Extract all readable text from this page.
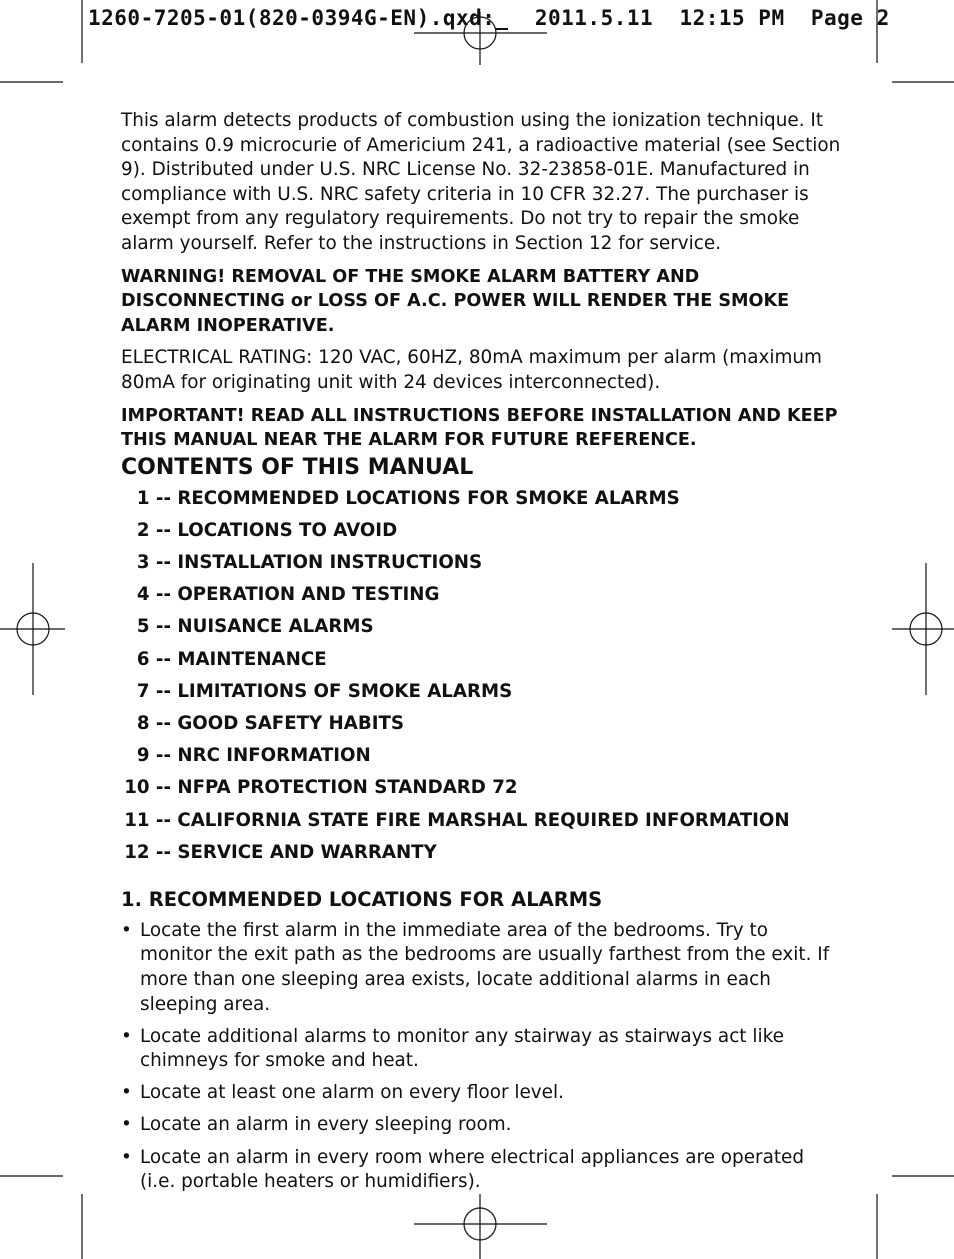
1260-7205-01(820-0394G-EN).qxd:_  2011.5.11  12:15 PM  Page 2

This alarm detects products of combustion using the ionization technique. It contains 0.9 microcurie of Americium 241, a radioactive material (see Section 9). Distributed under U.S. NRC License No. 32-23858-01E. Manufactured in compliance with U.S. NRC safety criteria in 10 CFR 32.27. The purchaser is exempt from any regulatory requirements. Do not try to repair the smoke alarm yourself. Refer to the instructions in Section 12 for service.

WARNING! REMOVAL OF THE SMOKE ALARM BATTERY AND DISCONNECTING or LOSS OF A.C. POWER WILL RENDER THE SMOKE ALARM INOPERATIVE.

ELECTRICAL RATING: 120 VAC, 60HZ, 80mA maximum per alarm (maximum 80mA for originating unit with 24 devices interconnected).

IMPORTANT! READ ALL INSTRUCTIONS BEFORE INSTALLATION AND KEEP THIS MANUAL NEAR THE ALARM FOR FUTURE REFERENCE.

CONTENTS OF THIS MANUAL
1 --
RECOMMENDED LOCATIONS FOR SMOKE ALARMS
2 --
LOCATIONS TO AVOID
3 --
INSTALLATION INSTRUCTIONS
4 --
OPERATION AND TESTING
5 --
NUISANCE ALARMS
6 --
MAINTENANCE
7 --
LIMITATIONS OF SMOKE ALARMS
8 --
GOOD SAFETY HABITS
9 --
NRC INFORMATION
10 --
NFPA PROTECTION STANDARD 72
11 --
CALIFORNIA STATE FIRE MARSHAL REQUIRED INFORMATION
12 --
SERVICE AND WARRANTY
1. RECOMMENDED LOCATIONS FOR ALARMS
• Locate the first alarm in the immediate area of the bedrooms. Try to monitor the exit path as the bedrooms are usually farthest from the exit. If more than one sleeping area exists, locate additional alarms in each sleeping area.
• Locate additional alarms to monitor any stairway as stairways act like chimneys for smoke and heat.
• Locate at least one alarm on every floor level.
• Locate an alarm in every sleeping room.
• Locate an alarm in every room where electrical appliances are operated (i.e. portable heaters or humidifiers).
